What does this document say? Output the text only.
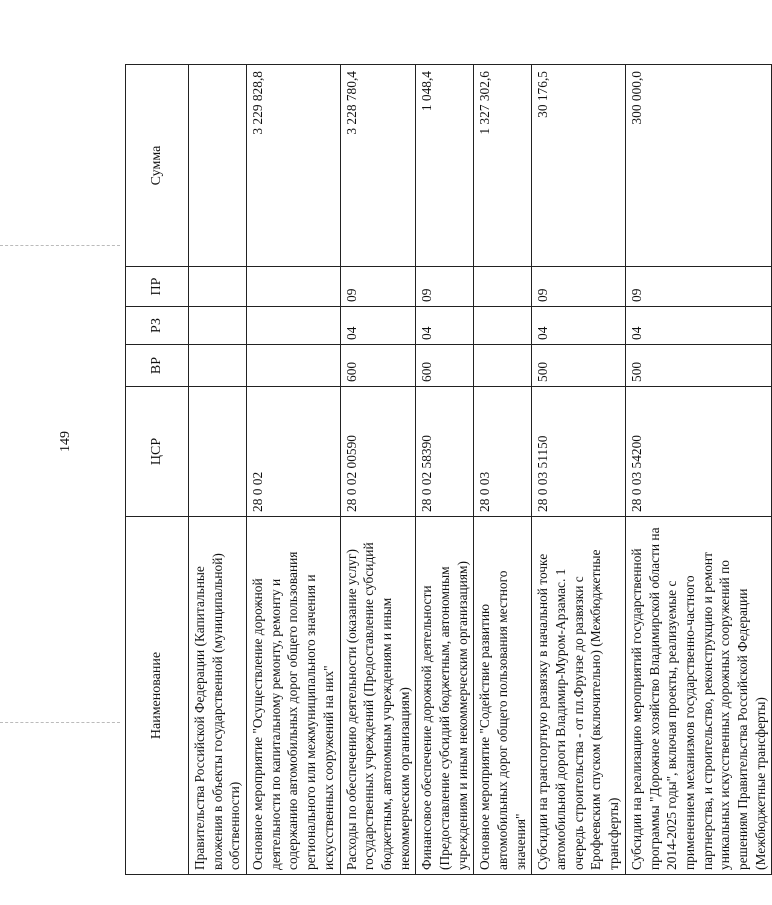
149
Наименование	ЦСР	ВР	РЗ	ПР	Сумма
Правительства Российской Федерации (Капитальные вложения в объекты государственной (муниципальной) собственности)					
Основное мероприятие "Осуществление дорожной деятельности по капитальному ремонту, ремонту и содержанию автомобильных дорог общего пользования регионального или межмуниципального значения и искусственных сооружений на них"	28 0 02				3 229 828,8
Расходы по обеспечению деятельности (оказание услуг) государственных учреждений (Предоставление субсидий бюджетным, автономным учреждениям и иным некоммерческим организациям)	28 0 02 00590	600	04	09	3 228 780,4
Финансовое обеспечение дорожной деятельности (Предоставление субсидий бюджетным, автономным учреждениям и иным некоммерческим организациям)	28 0 02 58390	600	04	09	1 048,4
Основное мероприятие "Содействие развитию автомобильных дорог общего пользования местного значения"	28 0 03				1 327 302,6
Субсидии на транспортную развязку в начальной точке автомобильной дороги Владимир-Муром-Арзамас. 1 очередь строительства - от пл.Фрунзе до развязки с Ерофеевским спуском (включительно) (Межбюджетные трансферты)	28 0 03 51150	500	04	09	30 176,5
Субсидии на реализацию мероприятий государственной программы "Дорожное хозяйство Владимирской области на 2014-2025 годы", включая проекты, реализуемые с применением механизмов государственно-частного партнерства, и строительство, реконструкцию и ремонт уникальных искусственных дорожных сооружений по решениям Правительства Российской Федерации (Межбюджетные трансферты)	28 0 03 54200	500	04	09	300 000,0
